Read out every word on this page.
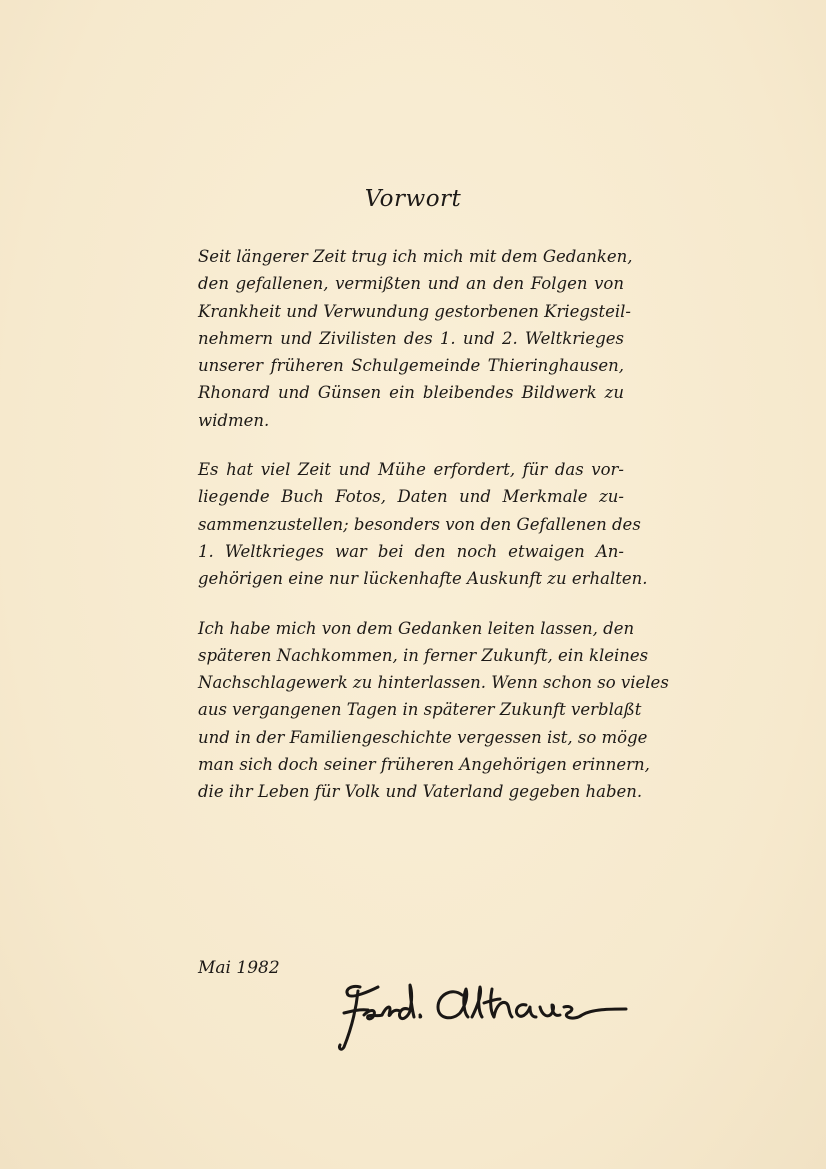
Vorwort

Seit längerer Zeit trug ich mich mit dem Gedanken,
den gefallenen, vermißten und an den Folgen von
Krankheit und Verwundung gestorbenen Kriegsteil-
nehmern und Zivilisten des 1. und 2. Weltkrieges
unserer früheren Schulgemeinde Thieringhausen,
Rhonard und Günsen ein bleibendes Bildwerk zu
widmen.

Es hat viel Zeit und Mühe erfordert, für das vor-
liegende Buch Fotos, Daten und Merkmale zu-
sammenzustellen; besonders von den Gefallenen des
1. Weltkrieges war bei den noch etwaigen An-
gehörigen eine nur lückenhafte Auskunft zu erhalten.

Ich habe mich von dem Gedanken leiten lassen, den
späteren Nachkommen, in ferner Zukunft, ein kleines
Nachschlagewerk zu hinterlassen. Wenn schon so vieles
aus vergangenen Tagen in späterer Zukunft verblaßt
und in der Familiengeschichte vergessen ist, so möge
man sich doch seiner früheren Angehörigen erinnern,
die ihr Leben für Volk und Vaterland gegeben haben.

Mai 1982
